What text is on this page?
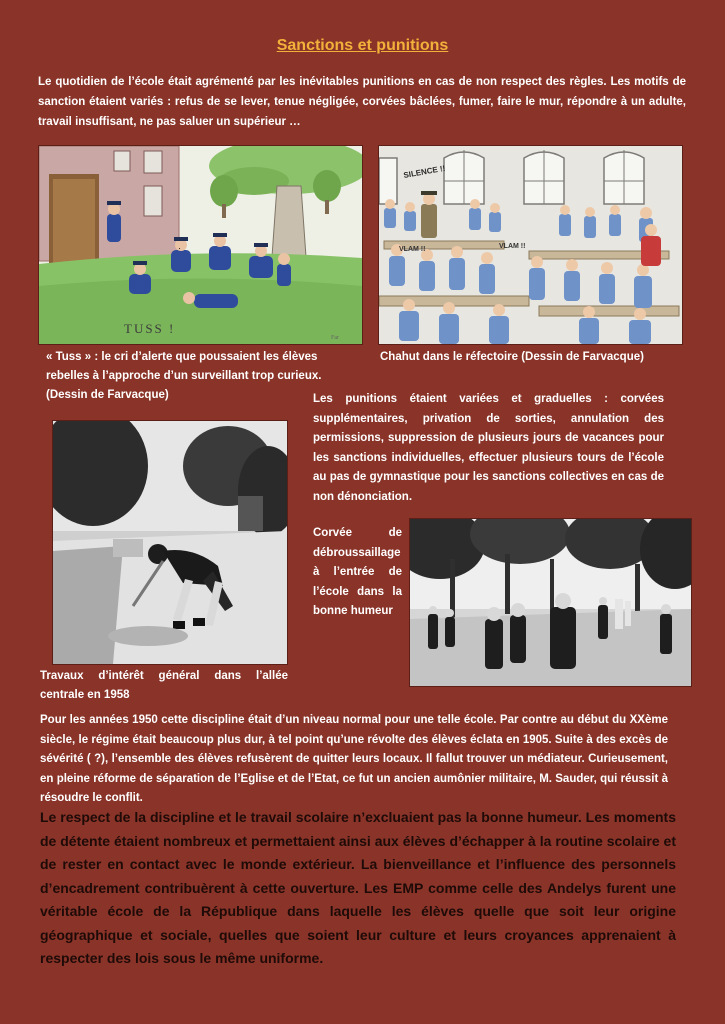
Sanctions et punitions
Le quotidien de l’école était agrémenté par les inévitables punitions en cas de non respect des règles. Les motifs de sanction étaient variés : refus de se lever, tenue négligée, corvées bâclées, fumer, faire le mur, répondre à un adulte, travail insuffisant, ne pas saluer un supérieur …
TUSS !
Far
SILENCE !!
VLAM !!	VLAM !!
« Tuss » : le cri d’alerte que poussaient les élèves rebelles à l’approche d’un surveillant trop curieux. (Dessin de Farvacque)
Chahut dans le réfectoire (Dessin de Farvacque)
Les punitions étaient variées et graduelles : corvées supplémentaires, privation de sorties, annulation des permissions, suppression de plusieurs jours de vacances pour les sanctions individuelles, effectuer plusieurs tours de l’école au pas de gymnastique pour les sanctions collectives en cas de non dénonciation.
Travaux d’intérêt général dans l’allée centrale en 1958
Corvée de débroussaillage à l’entrée de l’école dans la bonne humeur
Pour les années 1950 cette discipline était d’un niveau normal pour une telle école. Par contre au début du XXème siècle, le régime était beaucoup plus dur, à tel point qu’une révolte des élèves éclata en 1905. Suite à des excès de sévérité ( ?), l’ensemble des élèves refusèrent de quitter leurs locaux. Il fallut trouver un médiateur. Curieusement, en pleine réforme de séparation de l’Eglise et de l’Etat, ce fut un ancien aumônier militaire, M. Sauder, qui réussit à résoudre le conflit.
Le respect de la discipline et le travail scolaire n’excluaient pas la bonne humeur. Les moments de détente étaient nombreux et permettaient ainsi aux élèves d’échapper à la routine scolaire et de rester en contact avec le monde extérieur. La bienveillance et l’influence des personnels d’encadrement contribuèrent à cette ouverture. Les EMP comme celle des Andelys furent une véritable école de la République dans laquelle les élèves quelle que soit leur origine géographique et sociale, quelles que soient leur culture et leurs croyances apprenaient à respecter des lois sous le même uniforme.
